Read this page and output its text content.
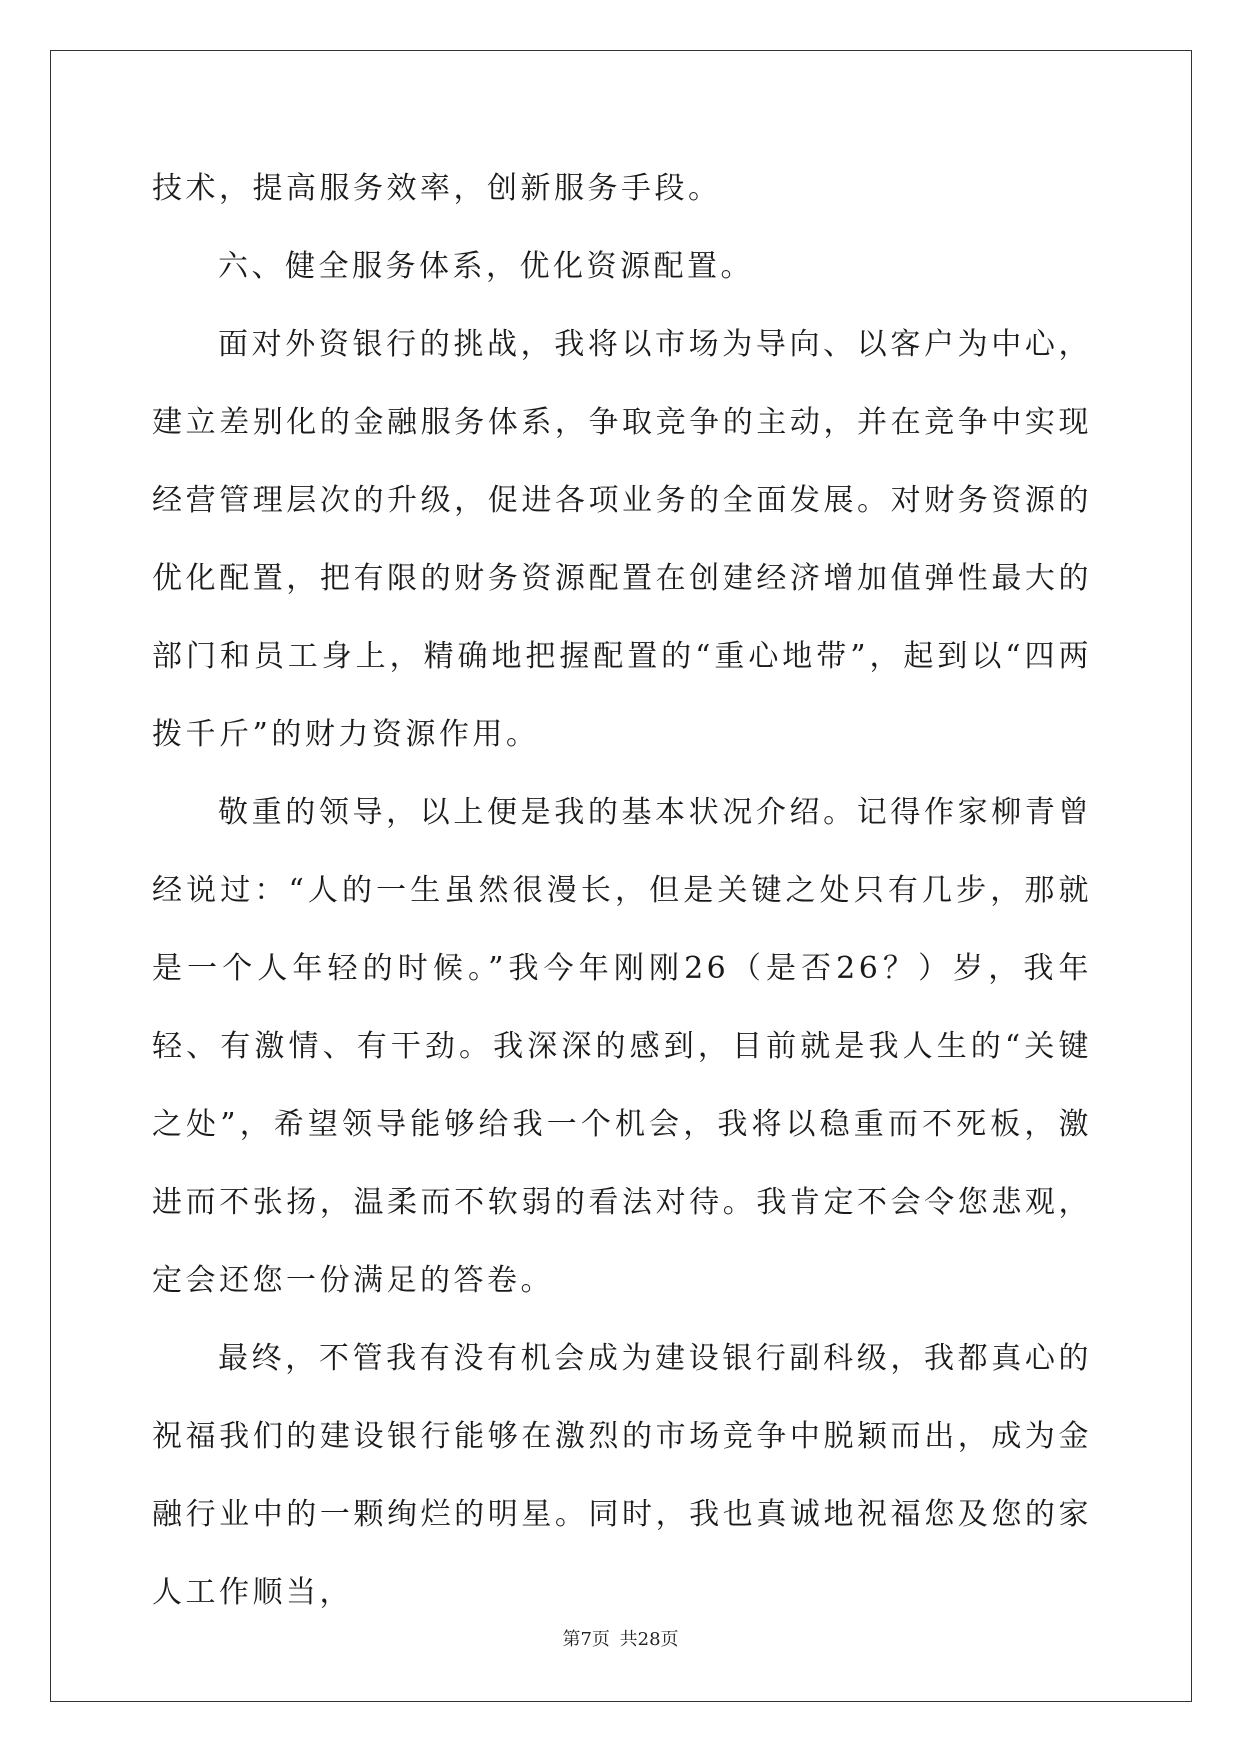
技术，提高服务效率，创新服务手段。

六、健全服务体系，优化资源配置。

面对外资银行的挑战，我将以市场为导向、以客户为中心，建立差别化的金融服务体系，争取竞争的主动，并在竞争中实现经营管理层次的升级，促进各项业务的全面发展。对财务资源的优化配置，把有限的财务资源配置在创建经济增加值弹性最大的部门和员工身上，精确地把握配置的“重心地带”，起到以“四两拨千斤”的财力资源作用。

敬重的领导，以上便是我的基本状况介绍。记得作家柳青曾经说过：“人的一生虽然很漫长，但是关键之处只有几步，那就是一个人年轻的时候。”我今年刚刚26（是否26？）岁，我年轻、有激情、有干劲。我深深的感到，目前就是我人生的“关键之处”，希望领导能够给我一个机会，我将以稳重而不死板，激进而不张扬，温柔而不软弱的看法对待。我肯定不会令您悲观，定会还您一份满足的答卷。

最终，不管我有没有机会成为建设银行副科级，我都真心的祝福我们的建设银行能够在激烈的市场竞争中脱颖而出，成为金融行业中的一颗绚烂的明星。同时，我也真诚地祝福您及您的家人工作顺当，

第7页 共28页
